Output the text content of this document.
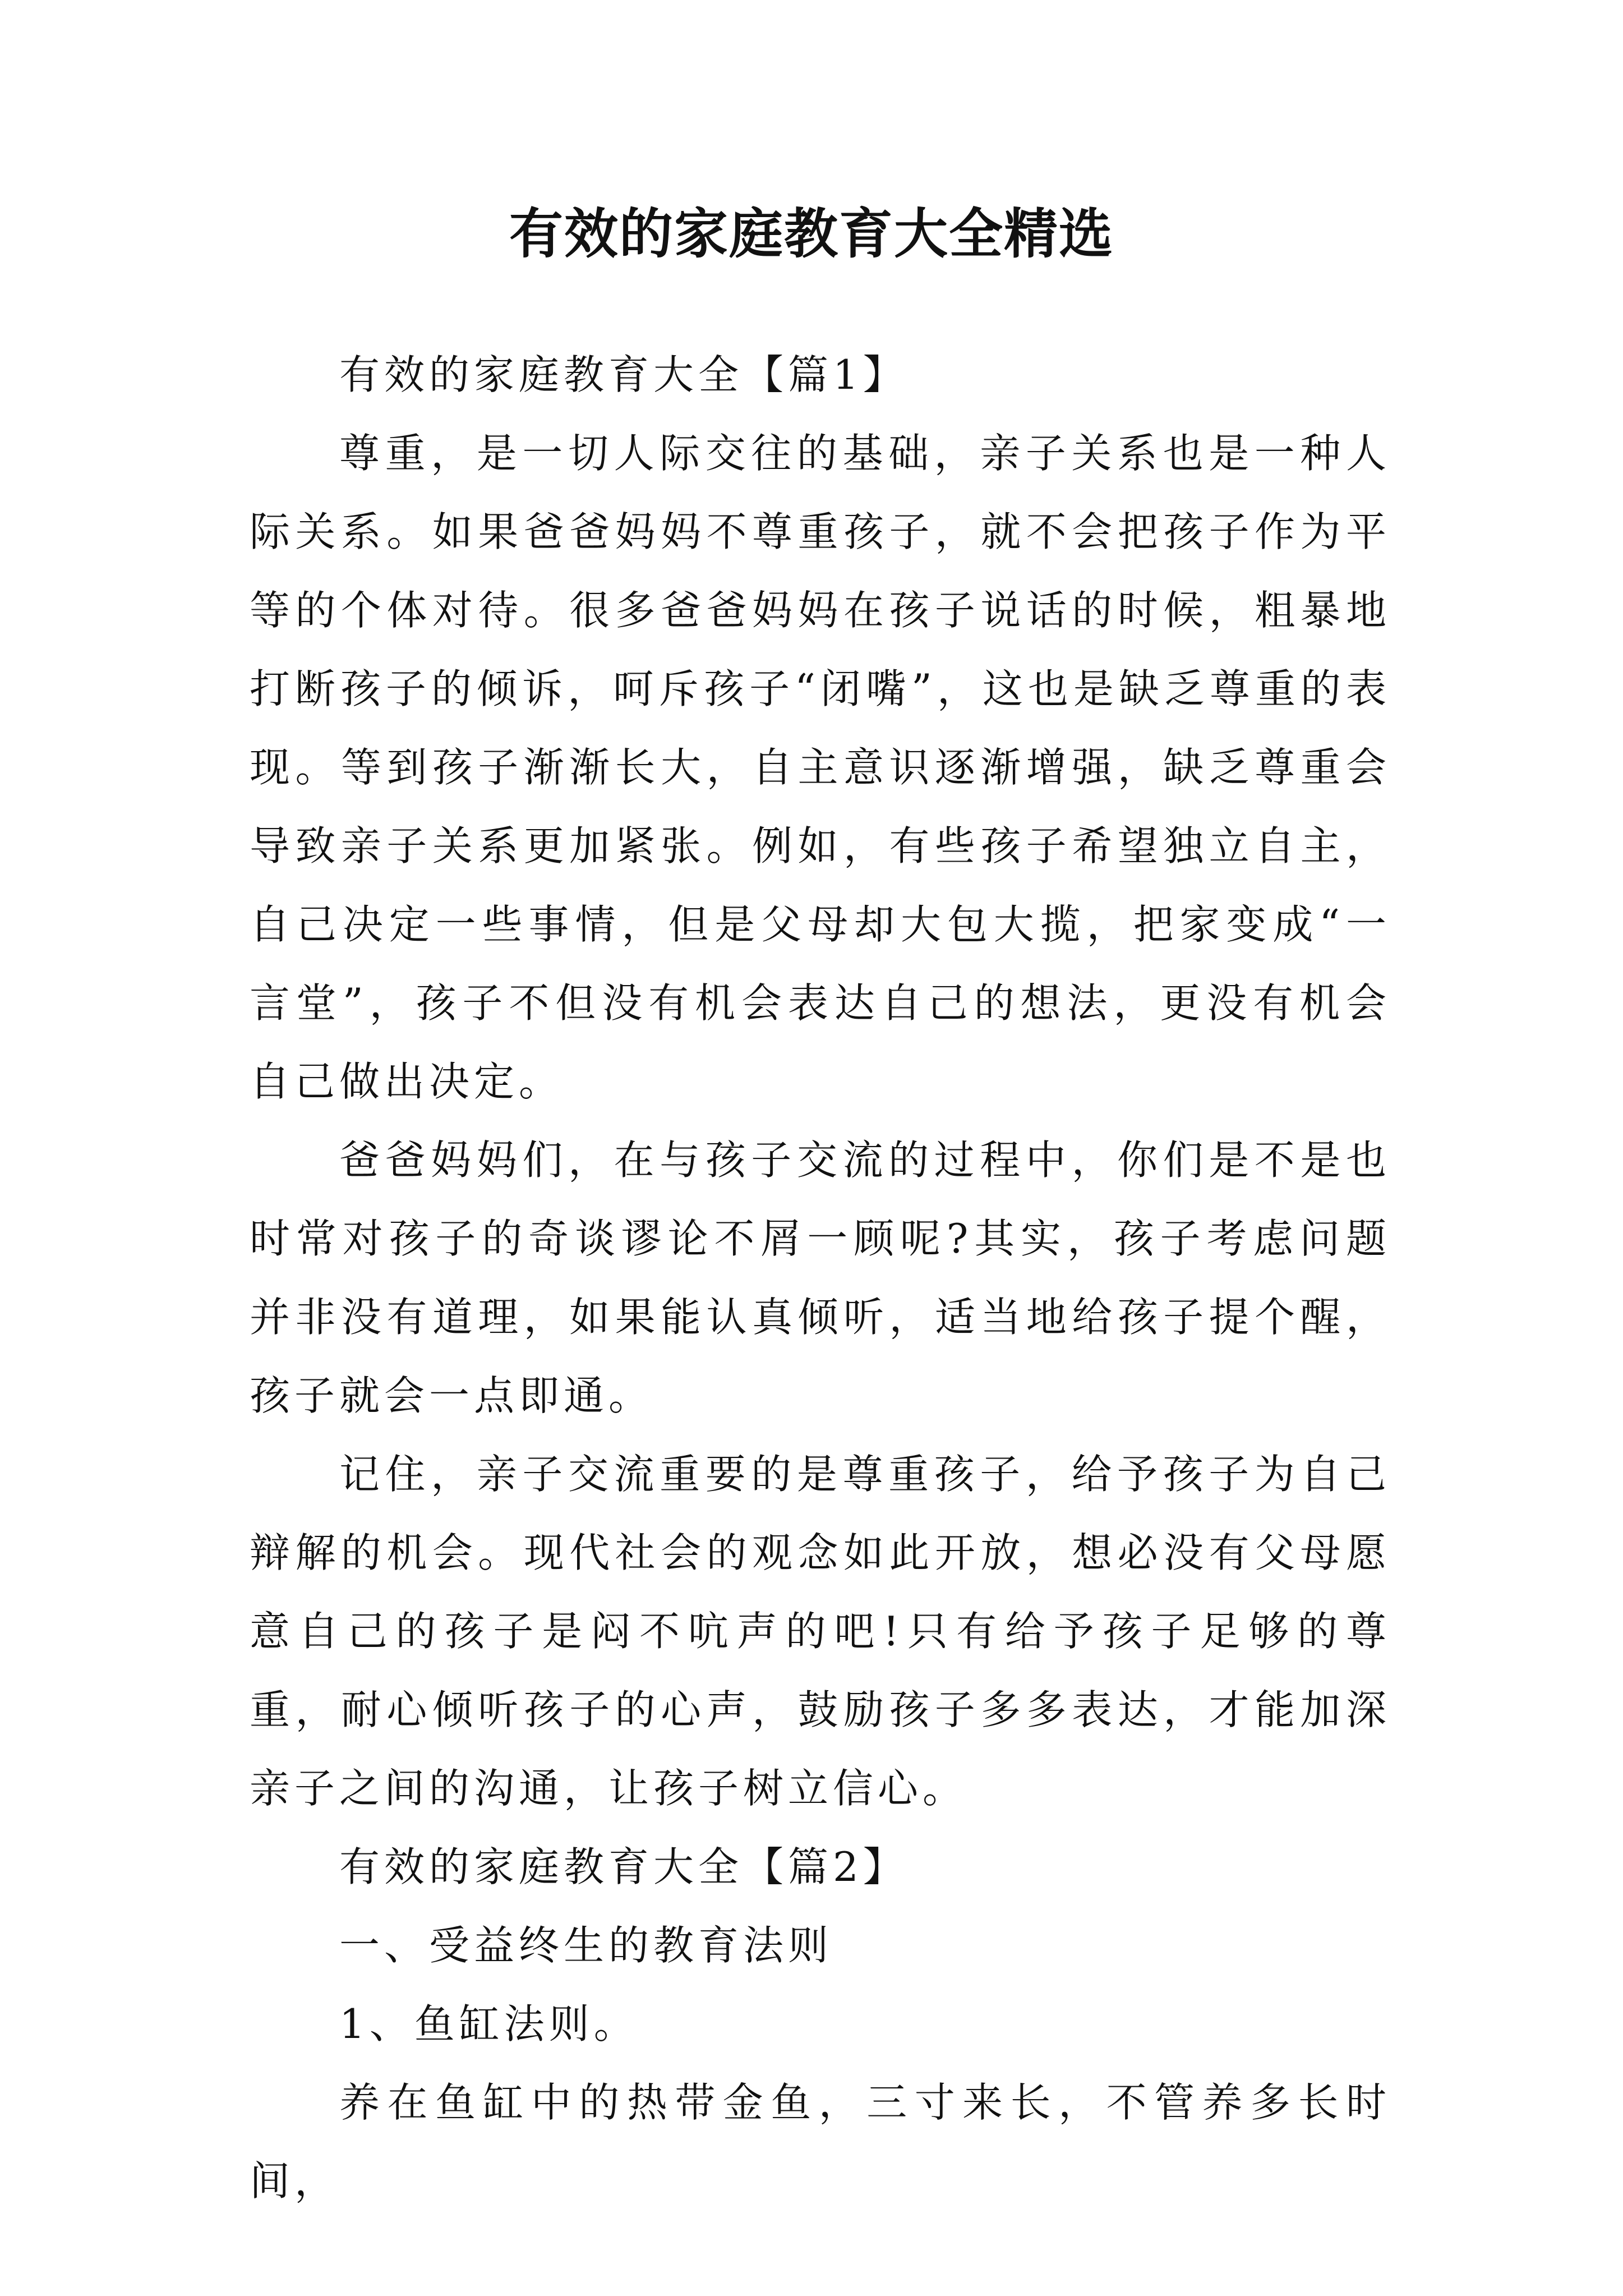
有效的家庭教育大全精选

有效的家庭教育大全【篇1】

尊重，是一切人际交往的基础，亲子关系也是一种人际关系。如果爸爸妈妈不尊重孩子，就不会把孩子作为平等的个体对待。很多爸爸妈妈在孩子说话的时候，粗暴地打断孩子的倾诉，呵斥孩子“闭嘴”，这也是缺乏尊重的表现。等到孩子渐渐长大，自主意识逐渐增强，缺乏尊重会导致亲子关系更加紧张。例如，有些孩子希望独立自主，自己决定一些事情，但是父母却大包大揽，把家变成“一言堂”，孩子不但没有机会表达自己的想法，更没有机会自己做出决定。

爸爸妈妈们，在与孩子交流的过程中，你们是不是也时常对孩子的奇谈谬论不屑一顾呢?其实，孩子考虑问题并非没有道理，如果能认真倾听，适当地给孩子提个醒，孩子就会一点即通。

记住，亲子交流重要的是尊重孩子，给予孩子为自己辩解的机会。现代社会的观念如此开放，想必没有父母愿意自己的孩子是闷不吭声的吧!只有给予孩子足够的尊重，耐心倾听孩子的心声，鼓励孩子多多表达，才能加深亲子之间的沟通，让孩子树立信心。

有效的家庭教育大全【篇2】

一、受益终生的教育法则

1、鱼缸法则。

养在鱼缸中的热带金鱼，三寸来长，不管养多长时间，
